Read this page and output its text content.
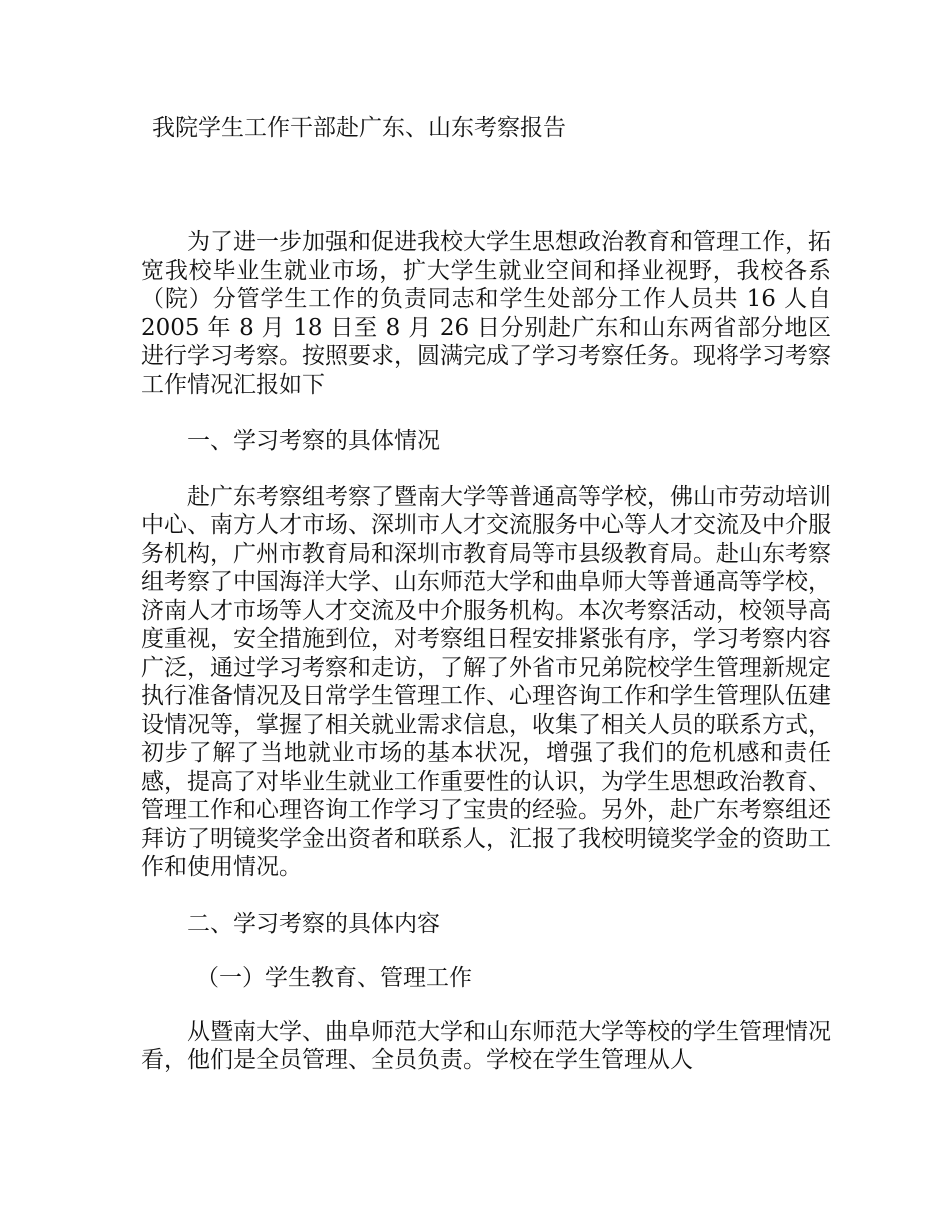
我院学生工作干部赴广东、山东考察报告

为了进一步加强和促进我校大学生思想政治教育和管理工作，拓宽我校毕业生就业市场，扩大学生就业空间和择业视野，我校各系（院）分管学生工作的负责同志和学生处部分工作人员共 16 人自 2005 年 8 月 18 日至 8 月 26 日分别赴广东和山东两省部分地区进行学习考察。按照要求，圆满完成了学习考察任务。现将学习考察工作情况汇报如下

一、学习考察的具体情况

赴广东考察组考察了暨南大学等普通高等学校，佛山市劳动培训中心、南方人才市场、深圳市人才交流服务中心等人才交流及中介服务机构，广州市教育局和深圳市教育局等市县级教育局。赴山东考察组考察了中国海洋大学、山东师范大学和曲阜师大等普通高等学校，济南人才市场等人才交流及中介服务机构。本次考察活动，校领导高度重视，安全措施到位，对考察组日程安排紧张有序，学习考察内容广泛，通过学习考察和走访，了解了外省市兄弟院校学生管理新规定执行准备情况及日常学生管理工作、心理咨询工作和学生管理队伍建设情况等，掌握了相关就业需求信息，收集了相关人员的联系方式，初步了解了当地就业市场的基本状况，增强了我们的危机感和责任感，提高了对毕业生就业工作重要性的认识，为学生思想政治教育、管理工作和心理咨询工作学习了宝贵的经验。另外，赴广东考察组还拜访了明镜奖学金出资者和联系人，汇报了我校明镜奖学金的资助工作和使用情况。

二、学习考察的具体内容

（一）学生教育、管理工作

从暨南大学、曲阜师范大学和山东师范大学等校的学生管理情况看，他们是全员管理、全员负责。学校在学生管理从人
